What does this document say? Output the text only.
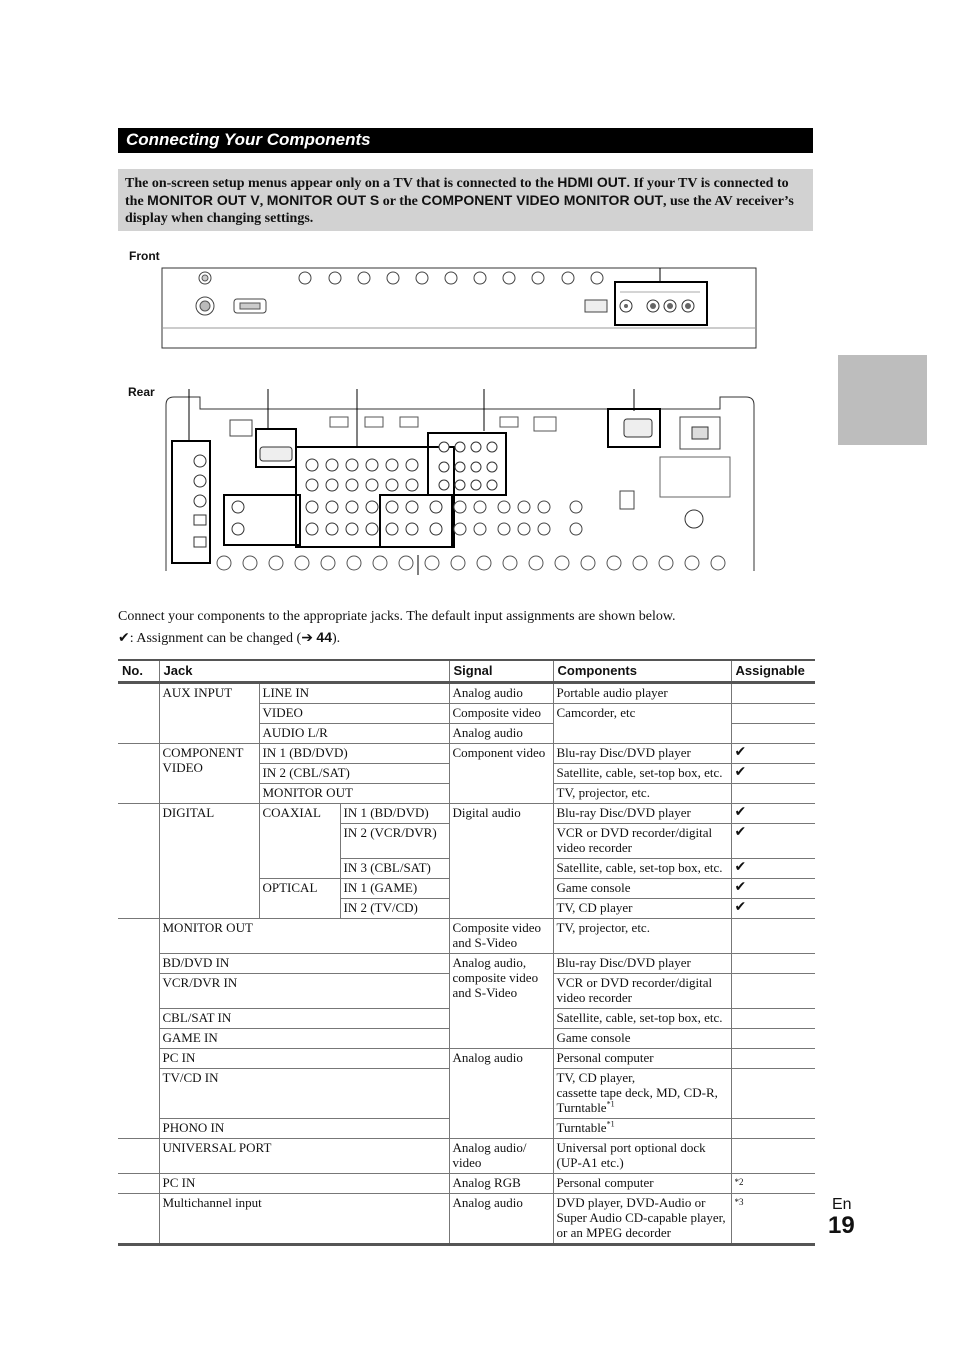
Connecting Your Components

The on-screen setup menus appear only on a TV that is connected to the HDMI OUT. If your TV is connected to the MONITOR OUT V, MONITOR OUT S or the COMPONENT VIDEO MONITOR OUT, use the AV receiver’s display when changing settings.

Front
Rear
Connect your components to the appropriate jacks. The default input assignments are shown below.
✔: Assignment can be changed (➔ 44).
No.	Jack			Signal	Components	Assignable
	AUX INPUT	LINE IN		Analog audio	Portable audio player	
		VIDEO		Composite video	Camcorder, etc	
		AUDIO L/R		Analog audio		
	COMPONENT VIDEO	IN 1 (BD/DVD)		Component video	Blu-ray Disc/DVD player	✔
		IN 2 (CBL/SAT)			Satellite, cable, set-top box, etc.	✔
		MONITOR OUT			TV, projector, etc.	
	DIGITAL	COAXIAL	IN 1 (BD/DVD)	Digital audio	Blu-ray Disc/DVD player	✔
			IN 2 (VCR/DVR)		VCR or DVD recorder/digital video recorder	✔
			IN 3 (CBL/SAT)		Satellite, cable, set-top box, etc.	✔
		OPTICAL	IN 1 (GAME)		Game console	✔
			IN 2 (TV/CD)		TV, CD player	✔
	MONITOR OUT			Composite video and S-Video	TV, projector, etc.	
	BD/DVD IN			Analog audio, composite video and S-Video	Blu-ray Disc/DVD player	
	VCR/DVR IN				VCR or DVD recorder/digital video recorder	
	CBL/SAT IN				Satellite, cable, set-top box, etc.	
	GAME IN				Game console	
	PC IN			Analog audio	Personal computer	
	TV/CD IN				TV, CD player,
cassette tape deck, MD, CD-R, Turntable$^{*1}$	
	PHONO IN				Turntable$^{*1}$	
	UNIVERSAL PORT			Analog audio/ video	Universal port optional dock (UP-A1 etc.)	
	PC IN			Analog RGB	Personal computer	*2
	Multichannel input			Analog audio	DVD player, DVD-Audio or Super Audio CD-capable player, or an MPEG decorder	*3	En
19
